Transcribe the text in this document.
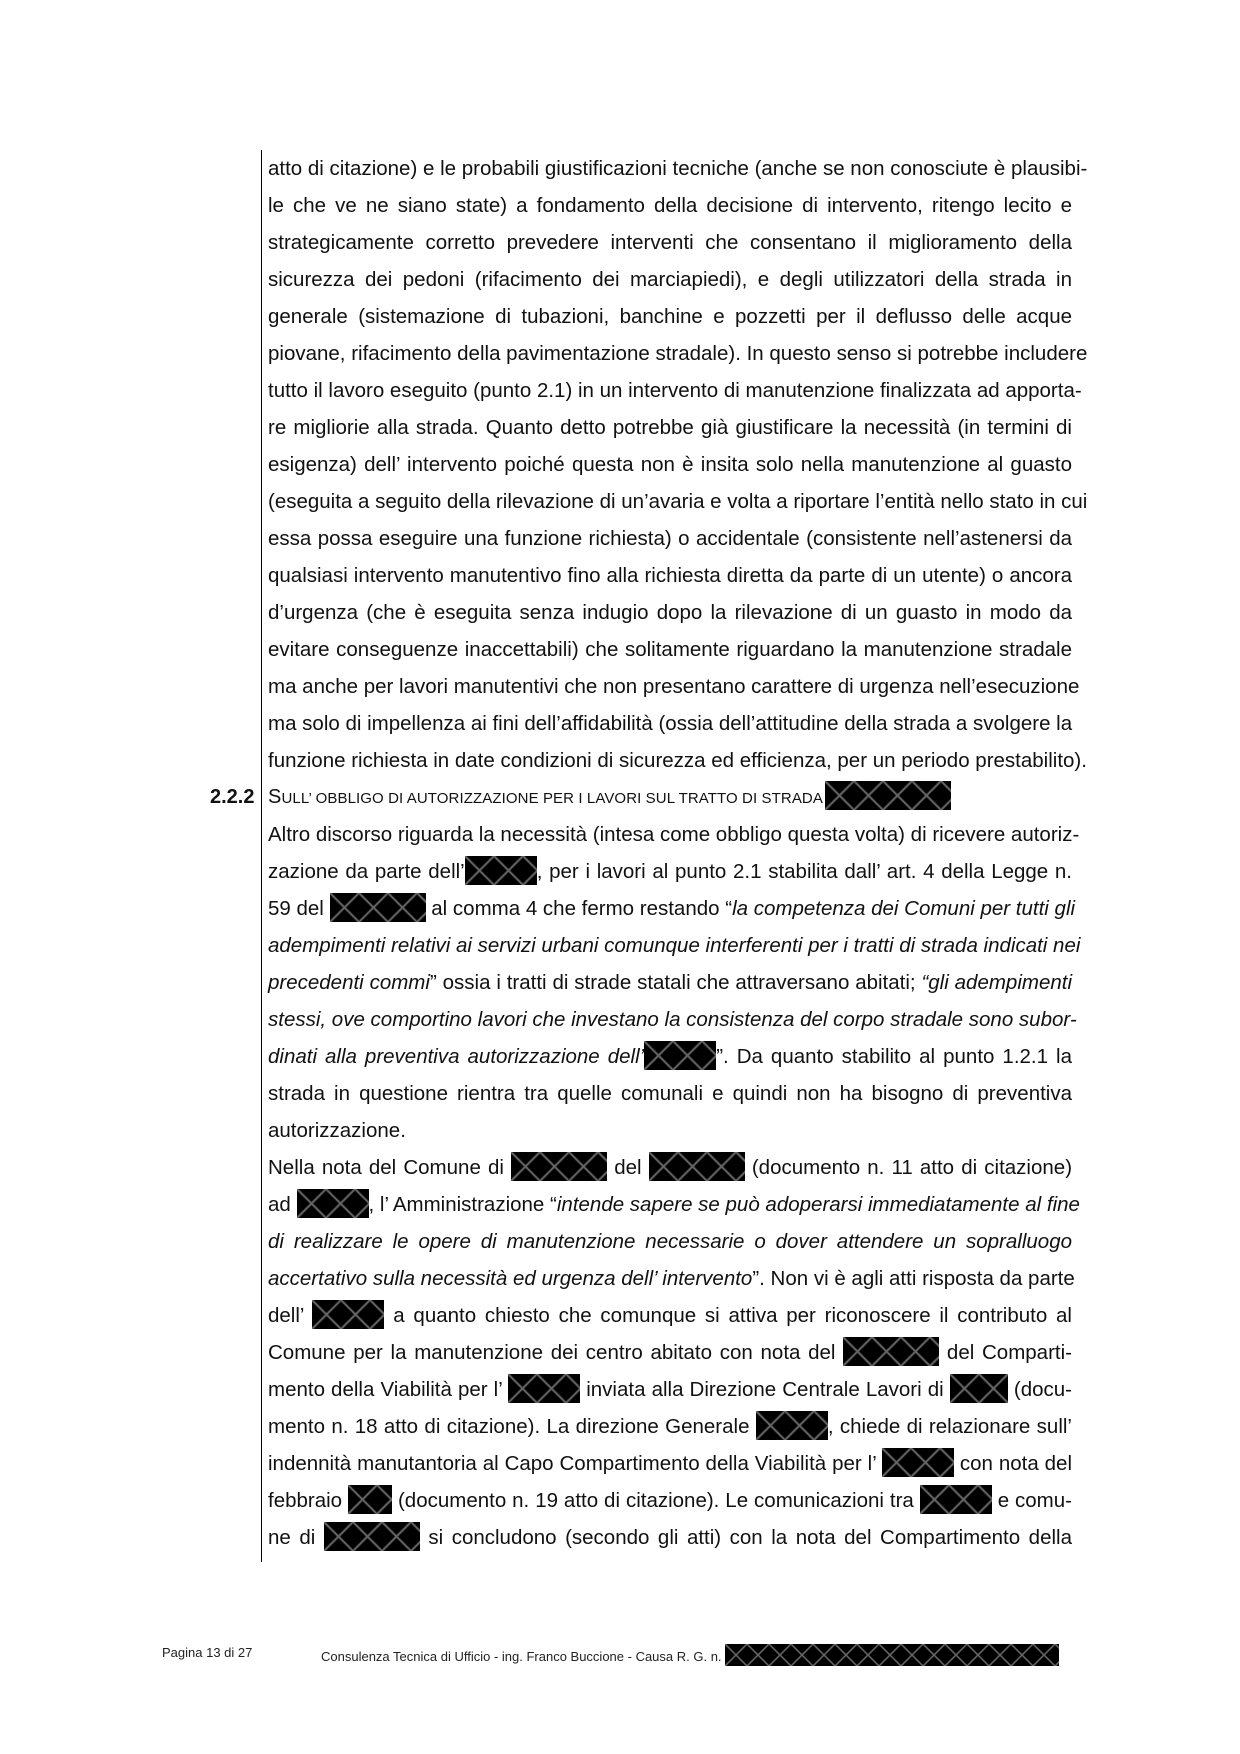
2.2.2
atto di citazione) e le probabili giustificazioni tecniche (anche se non conosciute è plausibi-
le che ve ne siano state) a fondamento della decisione di intervento, ritengo lecito e
strategicamente corretto prevedere interventi che consentano il miglioramento della
sicurezza dei pedoni (rifacimento dei marciapiedi), e degli utilizzatori della strada in
generale (sistemazione di tubazioni, banchine e pozzetti per il deflusso delle acque
piovane, rifacimento della pavimentazione stradale). In questo senso si potrebbe includere
tutto il lavoro eseguito (punto 2.1) in un intervento di manutenzione finalizzata ad apporta-
re migliorie alla strada. Quanto detto potrebbe già giustificare la necessità (in termini di
esigenza) dell’ intervento poiché questa non è insita solo nella manutenzione al guasto
(eseguita a seguito della rilevazione di un’avaria e volta a riportare l’entità nello stato in cui
essa possa eseguire una funzione richiesta) o accidentale (consistente nell’astenersi da
qualsiasi intervento manutentivo fino alla richiesta diretta da parte di un utente) o ancora
d’urgenza (che è eseguita senza indugio dopo la rilevazione di un guasto in modo da
evitare conseguenze inaccettabili) che solitamente riguardano la manutenzione stradale
ma anche per lavori manutentivi che non presentano carattere di urgenza nell’esecuzione
ma solo di impellenza ai fini dell’affidabilità (ossia dell’attitudine della strada a svolgere la
funzione richiesta in date condizioni di sicurezza ed efficienza, per un periodo prestabilito).
SULL’ OBBLIGO DI AUTORIZZAZIONE PER I LAVORI SUL TRATTO DI STRADA
Altro discorso riguarda la necessità (intesa come obbligo questa volta) di ricevere autoriz-
zazione da parte dell’	, per i lavori al punto 2.1 stabilita dall’ art. 4 della Legge n.
59 del	al comma 4 che fermo restando “la competenza dei Comuni per tutti gli
adempimenti relativi ai servizi urbani comunque interferenti per i tratti di strada indicati nei
precedenti commi” ossia i tratti di strade statali che attraversano abitati; “gli adempimenti
stessi, ove comportino lavori che investano la consistenza del corpo stradale sono subor-
dinati alla preventiva autorizzazione dell’	”. Da quanto stabilito al punto 1.2.1 la
strada in questione rientra tra quelle comunali e quindi non ha bisogno di preventiva
autorizzazione.
Nella nota del Comune di	del	(documento n. 11 atto di citazione)
ad	, l’ Amministrazione “intende sapere se può adoperarsi immediatamente al fine
di realizzare le opere di manutenzione necessarie o dover attendere un sopralluogo
accertativo sulla necessità ed urgenza dell’ intervento”. Non vi è agli atti risposta da parte
dell’	a quanto chiesto che comunque si attiva per riconoscere il contributo al
Comune per la manutenzione dei centro abitato con nota del	del Comparti-
mento della Viabilità per l’	inviata alla Direzione Centrale Lavori di	(docu-
mento n. 18 atto di citazione). La direzione Generale	, chiede di relazionare sull’
indennità manutantoria al Capo Compartimento della Viabilità per l’	con nota del
febbraio	(documento n. 19 atto di citazione). Le comunicazioni tra	e comu-
ne di	si concludono (secondo gli atti) con la nota del Compartimento della
Pagina 13 di 27	Consulenza Tecnica di Ufficio - ing. Franco Buccione - Causa R. G. n.
